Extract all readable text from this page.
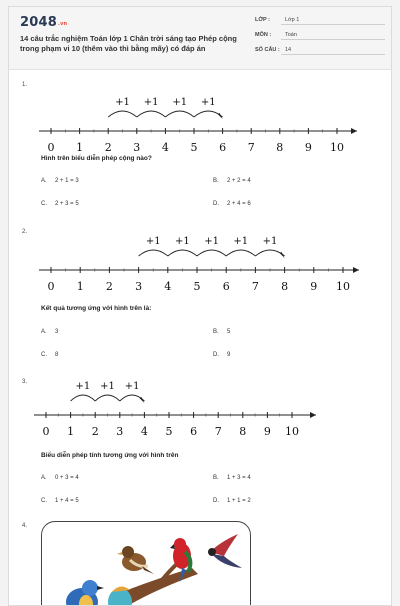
2048.vn
14 câu trắc nghiệm Toán lớp 1 Chân trời sáng tạo Phép cộng trong phạm vi 10 (thêm vào thì bằng mấy) có đáp án
LỚP :	Lớp 1
MÔN :	Toán
SỐ CÂU : 14
1.
0 1 2 3 4 5 6 7 8 9 10
+1 +1 +1 +1
Hình trên biểu diễn phép cộng nào?
A. 2 + 1 = 3	B. 2 + 2 = 4
C. 2 + 3 = 5	D. 2 + 4 = 6
2.
0 1 2 3 4 5 6 7 8 9 10
+1 +1 +1 +1 +1
Kết quả tương ứng với hình trên là:
A. 3	B. 5
C. 8	D. 9
3.
0 1 2 3 4 5 6 7 8 9 10
+1 +1 +1
Biểu diễn phép tính tương ứng với hình trên
A. 0 + 3 = 4	B. 1 + 3 = 4
C. 1 + 4 = 5	D. 1 + 1 = 2
4.
